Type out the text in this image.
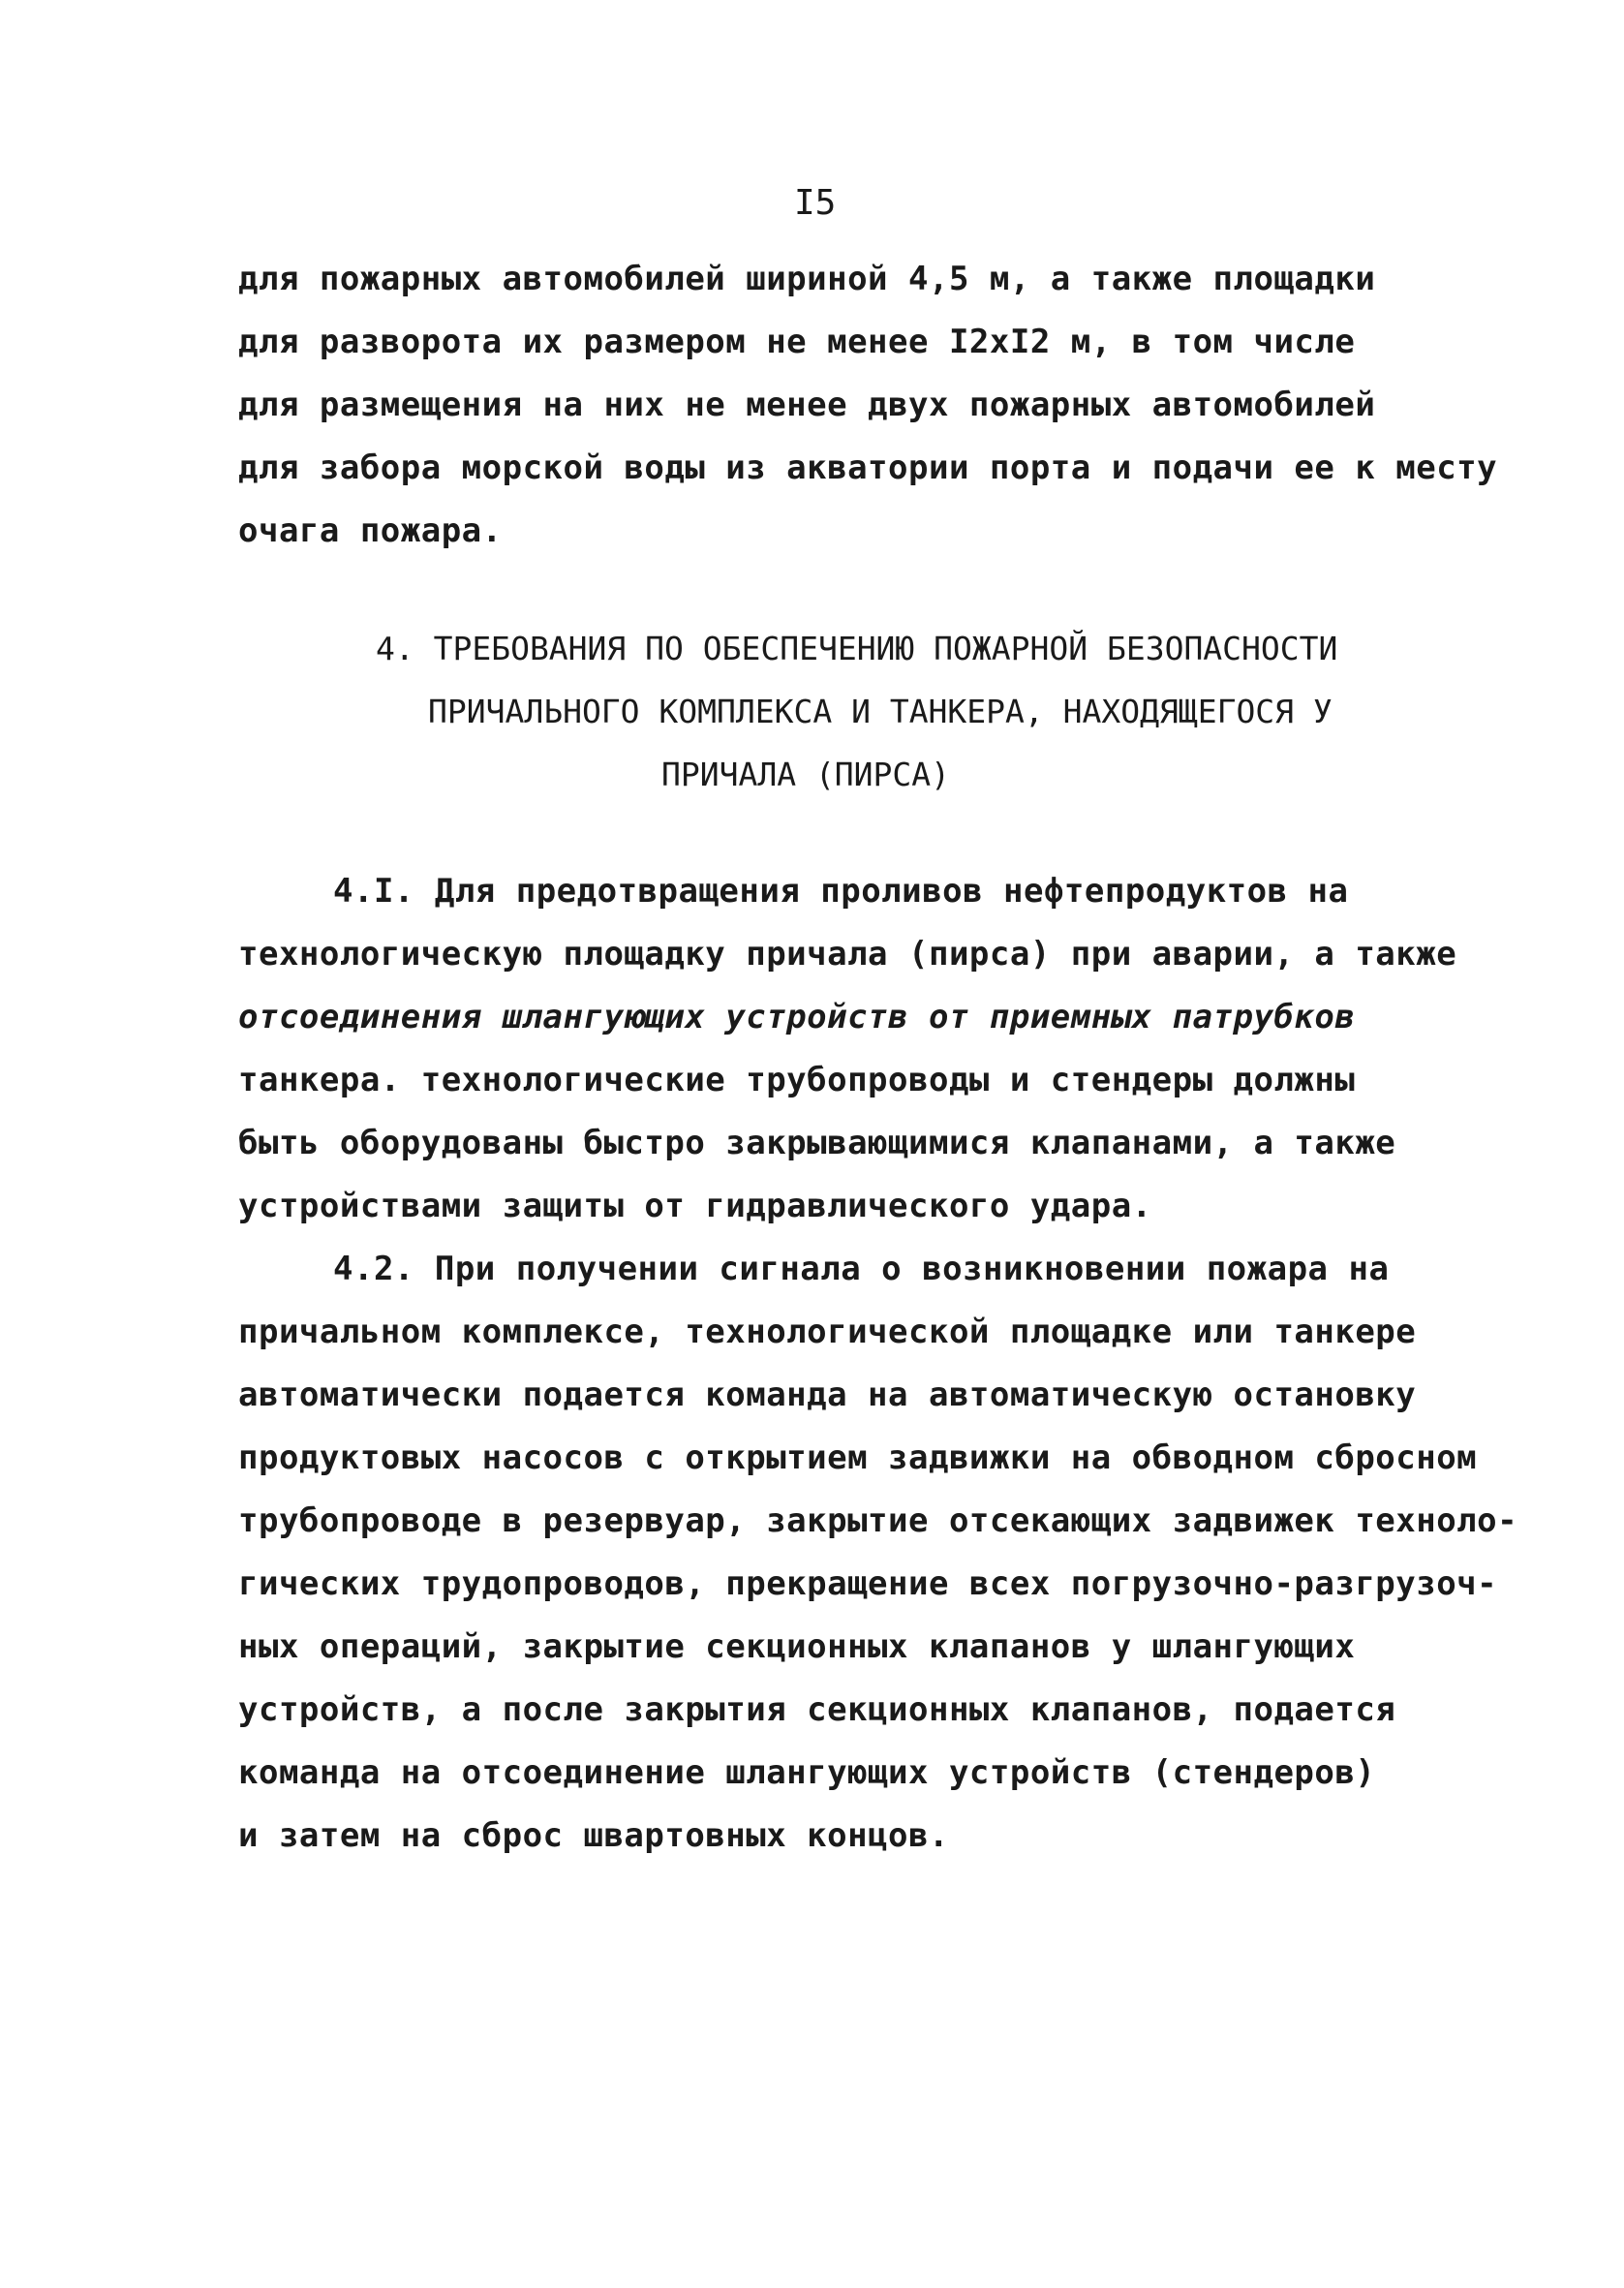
I5
для пожарных автомобилей шириной 4,5 м, а также площадки
для разворота их размером не менее I2xI2 м, в том числе
для размещения на них не менее двух пожарных автомобилей
для забора морской воды из акватории порта и подачи ее к месту
очага пожара.
4. ТРЕБОВАНИЯ ПО ОБЕСПЕЧЕНИЮ ПОЖАРНОЙ БЕЗОПАСНОСТИ
ПРИЧАЛЬНОГО КОМПЛЕКСА И ТАНКЕРА, НАХОДЯЩЕГОСЯ У
ПРИЧАЛА (ПИРСА)
4.I. Для предотвращения проливов нефтепродуктов на
технологическую площадку причала (пирса) при аварии, а также
отсоединения шлангующих устройств от приемных патрубков
танкера. технологические трубопроводы и стендеры должны
быть оборудованы быстро закрывающимися клапанами, а также
устройствами защиты от гидравлического удара.
4.2. При получении сигнала о возникновении пожара на
причальном комплексе, технологической площадке или танкере
автоматически подается команда на автоматическую остановку
продуктовых насосов с открытием задвижки на обводном сбросном
трубопроводе в резервуар, закрытие отсекающих задвижек техноло-
гических трудопроводов, прекращение всех погрузочно-разгрузоч-
ных операций, закрытие секционных клапанов у шлангующих
устройств, а после закрытия секционных клапанов, подается
команда на отсоединение шлангующих устройств (стендеров)
и затем на сброс швартовных концов.
